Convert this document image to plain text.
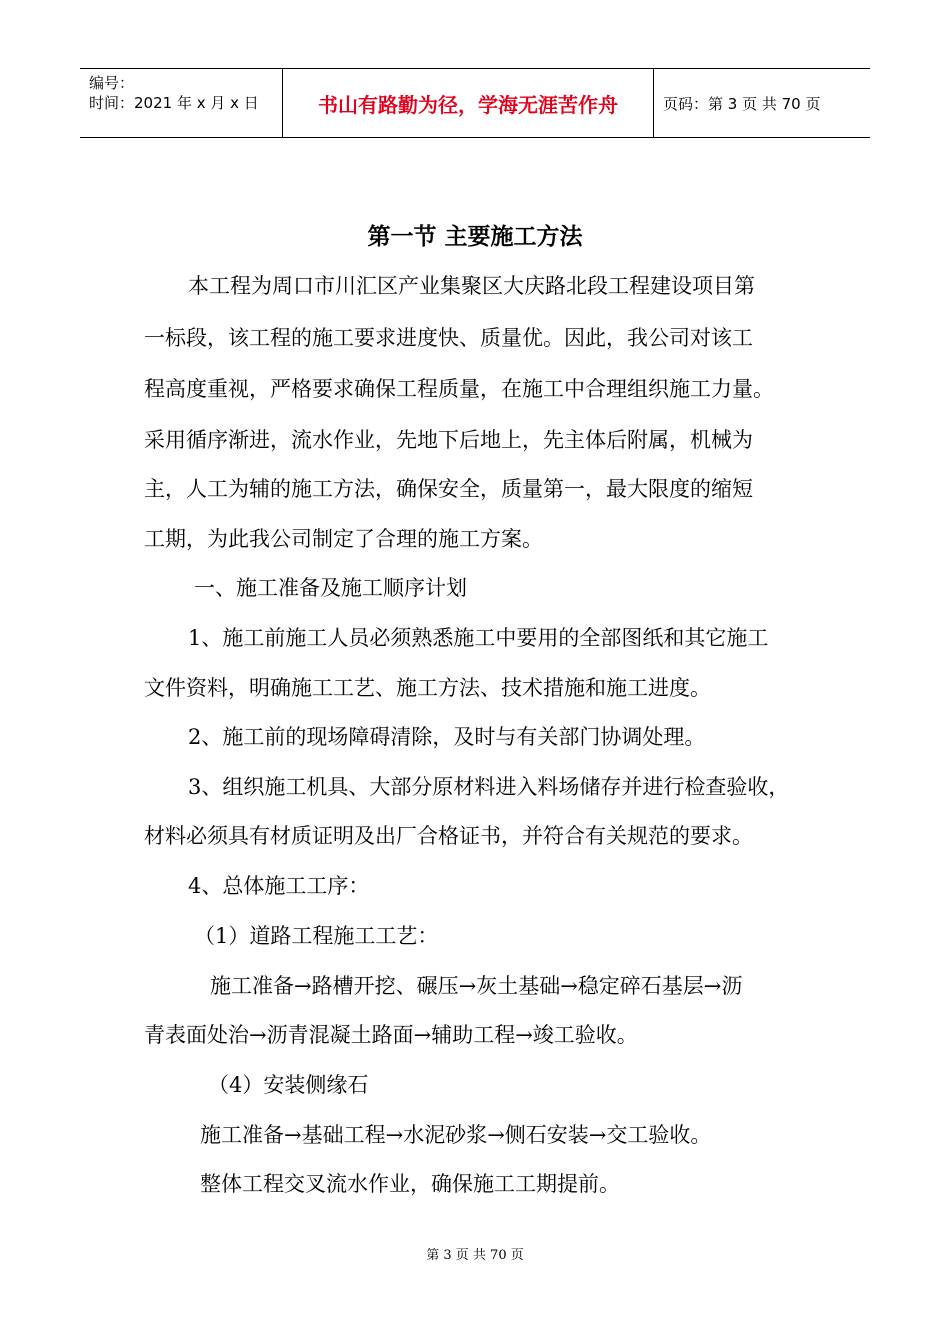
编号：
时间：2021 年 x 月 x 日	书山有路勤为径，学海无涯苦作舟	页码：第 3 页 共 70 页
第一节 主要施工方法
本工程为周口市川汇区产业集聚区大庆路北段工程建设项目第
一标段，该工程的施工要求进度快、质量优。因此，我公司对该工
程高度重视，严格要求确保工程质量，在施工中合理组织施工力量。
采用循序渐进，流水作业，先地下后地上，先主体后附属，机械为
主，人工为辅的施工方法，确保安全，质量第一，最大限度的缩短
工期，为此我公司制定了合理的施工方案。
一、施工准备及施工顺序计划
1、施工前施工人员必须熟悉施工中要用的全部图纸和其它施工
文件资料，明确施工工艺、施工方法、技术措施和施工进度。
2、施工前的现场障碍清除，及时与有关部门协调处理。
3、组织施工机具、大部分原材料进入料场储存并进行检查验收，
材料必须具有材质证明及出厂合格证书，并符合有关规范的要求。
4、总体施工工序：
（1）道路工程施工工艺：
施工准备→路槽开挖、碾压→灰土基础→稳定碎石基层→沥
青表面处治→沥青混凝土路面→辅助工程→竣工验收。
（4）安装侧缘石
施工准备→基础工程→水泥砂浆→侧石安装→交工验收。
整体工程交叉流水作业，确保施工工期提前。
第 3 页 共 70 页
